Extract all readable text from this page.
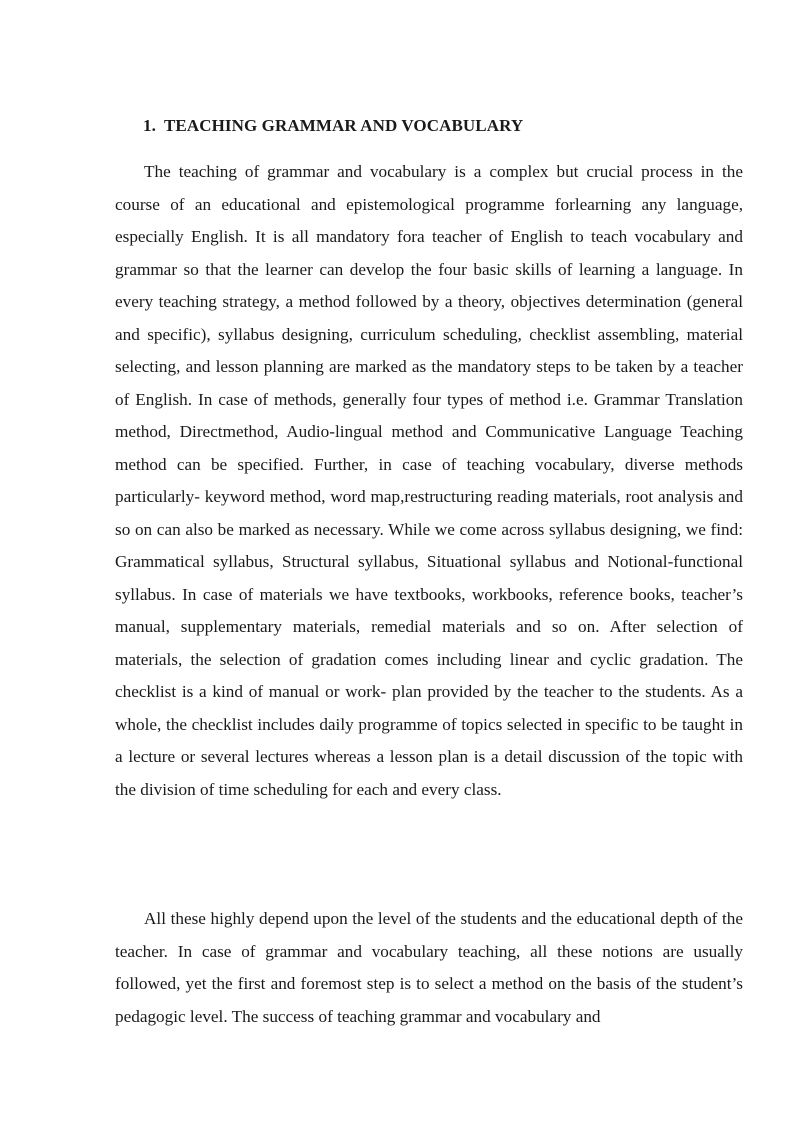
1. TEACHING GRAMMAR AND VOCABULARY

The teaching of grammar and vocabulary is a complex but crucial process in the course of an educational and epistemological programme forlearning any language, especially English. It is all mandatory fora teacher of English to teach vocabulary and grammar so that the learner can develop the four basic skills of learning a language. In every teaching strategy, a method followed by a theory, objectives determination (general and specific), syllabus designing, curriculum scheduling, checklist assembling, material selecting, and lesson planning are marked as the mandatory steps to be taken by a teacher of English. In case of methods, generally four types of method i.e. Grammar Translation method, Directmethod, Audio-lingual method and Communicative Language Teaching method can be specified. Further, in case of teaching vocabulary, diverse methods particularly- keyword method, word map,restructuring reading materials, root analysis and so on can also be marked as necessary. While we come across syllabus designing, we find: Grammatical syllabus, Structural syllabus, Situational syllabus and Notional-functional syllabus. In case of materials we have textbooks, workbooks, reference books, teacher’s manual, supplementary materials, remedial materials and so on. After selection of materials, the selection of gradation comes including linear and cyclic gradation. The checklist is a kind of manual or work- plan provided by the teacher to the students. As a whole, the checklist includes daily programme of topics selected in specific to be taught in a lecture or several lectures whereas a lesson plan is a detail discussion of the topic with the division of time scheduling for each and every class.

All these highly depend upon the level of the students and the educational depth of the teacher. In case of grammar and vocabulary teaching, all these notions are usually followed, yet the first and foremost step is to select a method on the basis of the student’s pedagogic level. The success of teaching grammar and vocabulary and
